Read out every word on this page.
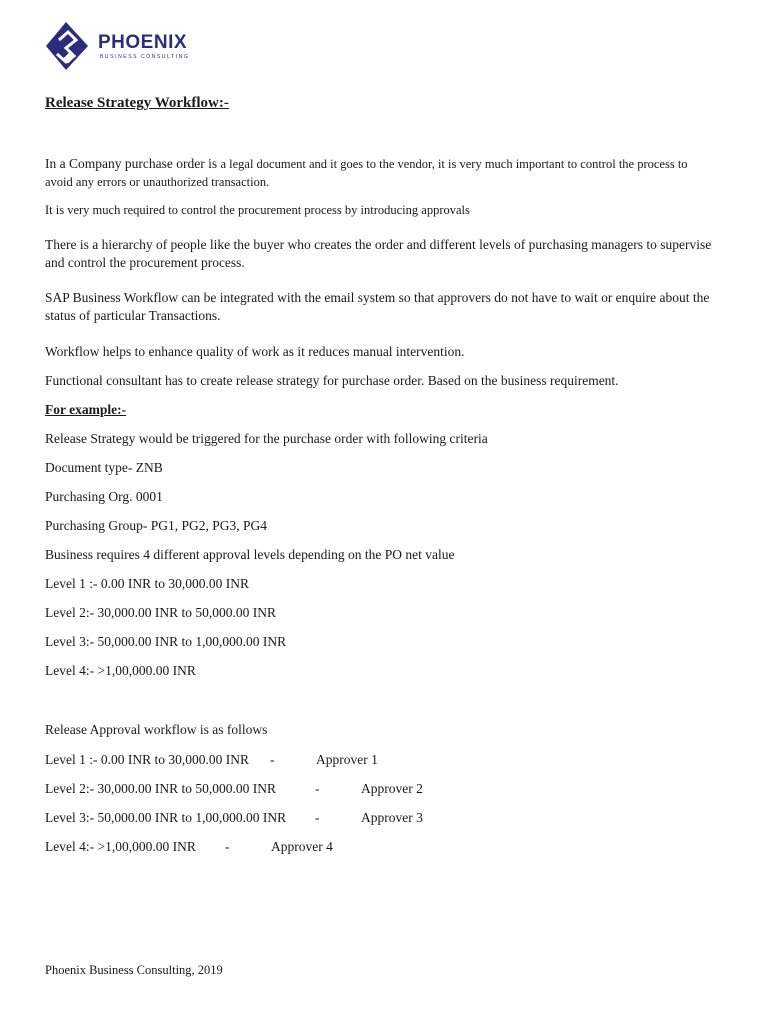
PHOENIX
BUSINESS CONSULTING
Release Strategy Workflow:-
In a Company purchase order is a legal document and it goes to the vendor, it is very much important to control the process to avoid any errors or unauthorized transaction.
It is very much required to control the procurement process by introducing approvals
There is a hierarchy of people like the buyer who creates the order and different levels of purchasing managers to supervise and control the procurement process.
SAP Business Workflow can be integrated with the email system so that approvers do not have to wait or enquire about the status of particular Transactions.
Workflow helps to enhance quality of work as it reduces manual intervention.
Functional consultant has to create release strategy for purchase order. Based on the business requirement.
For example:-
Release Strategy would be triggered for the purchase order with following criteria
Document type- ZNB
Purchasing Org. 0001
Purchasing Group- PG1, PG2, PG3, PG4
Business requires 4 different approval levels depending on the PO net value
Level 1 :- 0.00 INR to 30,000.00 INR
Level 2:- 30,000.00 INR to 50,000.00 INR
Level 3:- 50,000.00 INR to 1,00,000.00 INR
Level 4:- >1,00,000.00 INR
Release Approval workflow is as follows
Level 1 :- 0.00 INR to 30,000.00 INR -	Approver 1
Level 2:- 30,000.00 INR to 50,000.00 INR	-	Approver 2
Level 3:- 50,000.00 INR to 1,00,000.00 INR -	Approver 3
Level 4:- >1,00,000.00 INR -	Approver 4
Phoenix Business Consulting, 2019
